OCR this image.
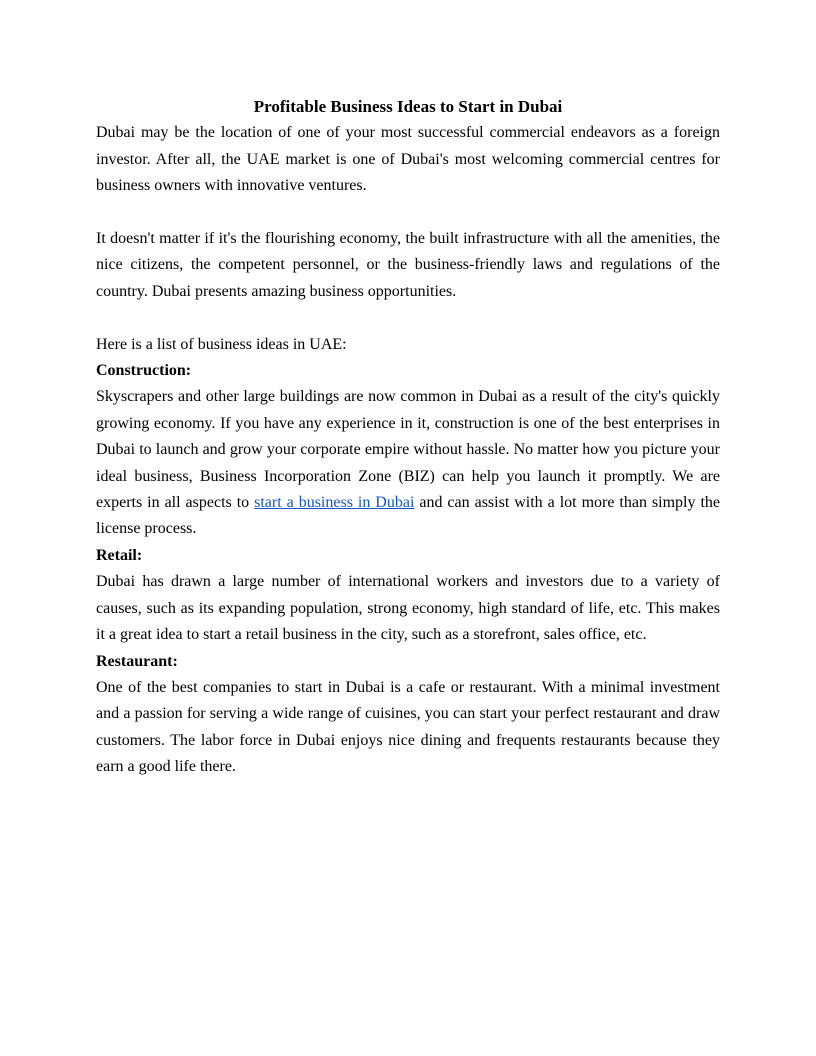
Profitable Business Ideas to Start in Dubai

Dubai may be the location of one of your most successful commercial endeavors as a foreign investor. After all, the UAE market is one of Dubai's most welcoming commercial centres for business owners with innovative ventures.

It doesn't matter if it's the flourishing economy, the built infrastructure with all the amenities, the nice citizens, the competent personnel, or the business-friendly laws and regulations of the country. Dubai presents amazing business opportunities.

Here is a list of business ideas in UAE:

Construction:

Skyscrapers and other large buildings are now common in Dubai as a result of the city's quickly growing economy. If you have any experience in it, construction is one of the best enterprises in Dubai to launch and grow your corporate empire without hassle. No matter how you picture your ideal business, Business Incorporation Zone (BIZ) can help you launch it promptly. We are experts in all aspects to start a business in Dubai and can assist with a lot more than simply the license process.

Retail:

Dubai has drawn a large number of international workers and investors due to a variety of causes, such as its expanding population, strong economy, high standard of life, etc. This makes it a great idea to start a retail business in the city, such as a storefront, sales office, etc.

Restaurant:

One of the best companies to start in Dubai is a cafe or restaurant. With a minimal investment and a passion for serving a wide range of cuisines, you can start your perfect restaurant and draw customers. The labor force in Dubai enjoys nice dining and frequents restaurants because they earn a good life there.
